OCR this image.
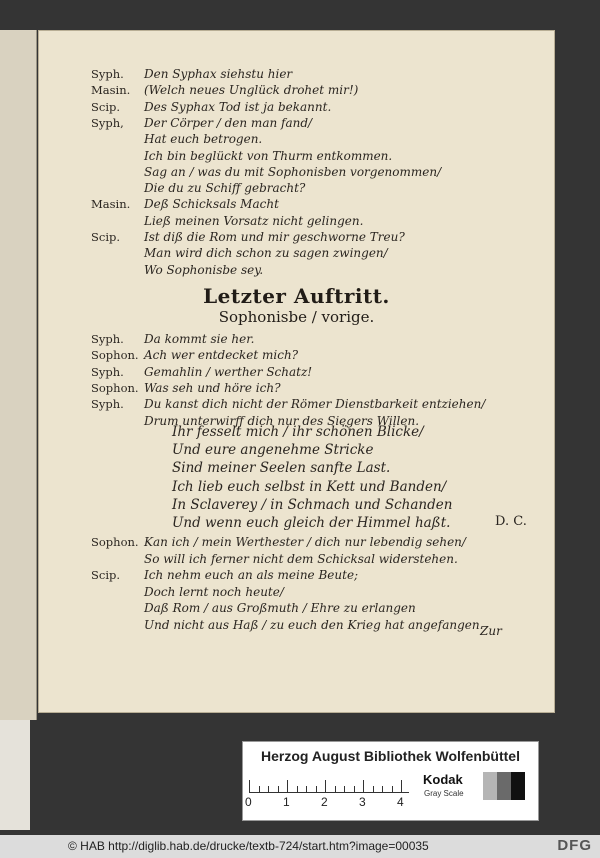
Syph. Den Syphax siehstu hier
Masin. (Welch neues Unglück drohet mir!)
Scip. Des Syphax Tod ist ja bekannt.
Syph, Der Cörper / den man fand/
Hat euch betrogen.
Ich bin beglückt von Thurm entkommen.
Sag an / was du mit Sophonisben vorgenommen/
Die du zu Schiff gebracht?
Masin. Deß Schicksals Macht
Ließ meinen Vorsatz nicht gelingen.
Scip. Ist diß die Rom und mir geschworne Treu?
Man wird dich schon zu sagen zwingen/
Wo Sophonisbe sey.
Letzter Auftritt.
Sophonisbe / vorige.
Syph. Da kommt sie her.
Sophon. Ach wer entdecket mich?
Syph. Gemahlin / werther Schatz!
Sophon. Was seh und höre ich?
Syph. Du kanst dich nicht der Römer Dienstbarkeit entziehen/
Drum unterwirff dich nur des Siegers Willen.
Ihr fesselt mich / ihr schönen Blicke/
Und eure angenehme Stricke
Sind meiner Seelen sanfte Last.
Ich lieb euch selbst in Kett und Banden/
In Sclaverey / in Schmach und Schanden
Und wenn euch gleich der Himmel haßt.	D. C.
Sophon. Kan ich / mein Werthester / dich nur lebendig sehen/
So will ich ferner nicht dem Schicksal widerstehen.
Scip. Ich nehm euch an als meine Beute;
Doch lernt noch heute/
Daß Rom / aus Großmuth / Ehre zu erlangen
Und nicht aus Haß / zu euch den Krieg hat angefangen.
Zur
Herzog August Bibliothek Wolfenbüttel
0	1	2	3	4
Kodak
Gray Scale
© HAB http://diglib.hab.de/drucke/textb-724/start.htm?image=00035	DFG
